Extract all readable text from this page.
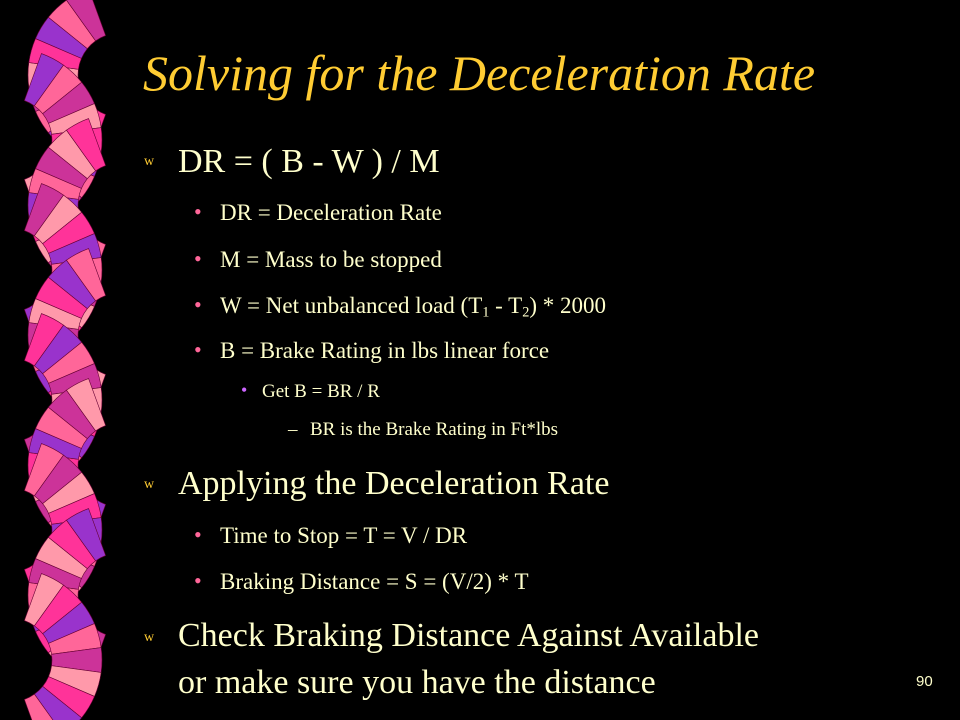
Solving for the Deceleration Rate
w DR = ( B - W ) / M
• DR = Deceleration Rate
• M = Mass to be stopped
• W = Net unbalanced load $(T_1 - T_2) * 2000$
• B = Brake Rating in lbs linear force
• Get B = BR / R
– BR is the Brake Rating in Ft*lbs
w Applying the Deceleration Rate
• Time to Stop = T = V / DR
• Braking Distance = S = (V/2) * T
w Check Braking Distance Against Available
or make sure you have the distance	90
